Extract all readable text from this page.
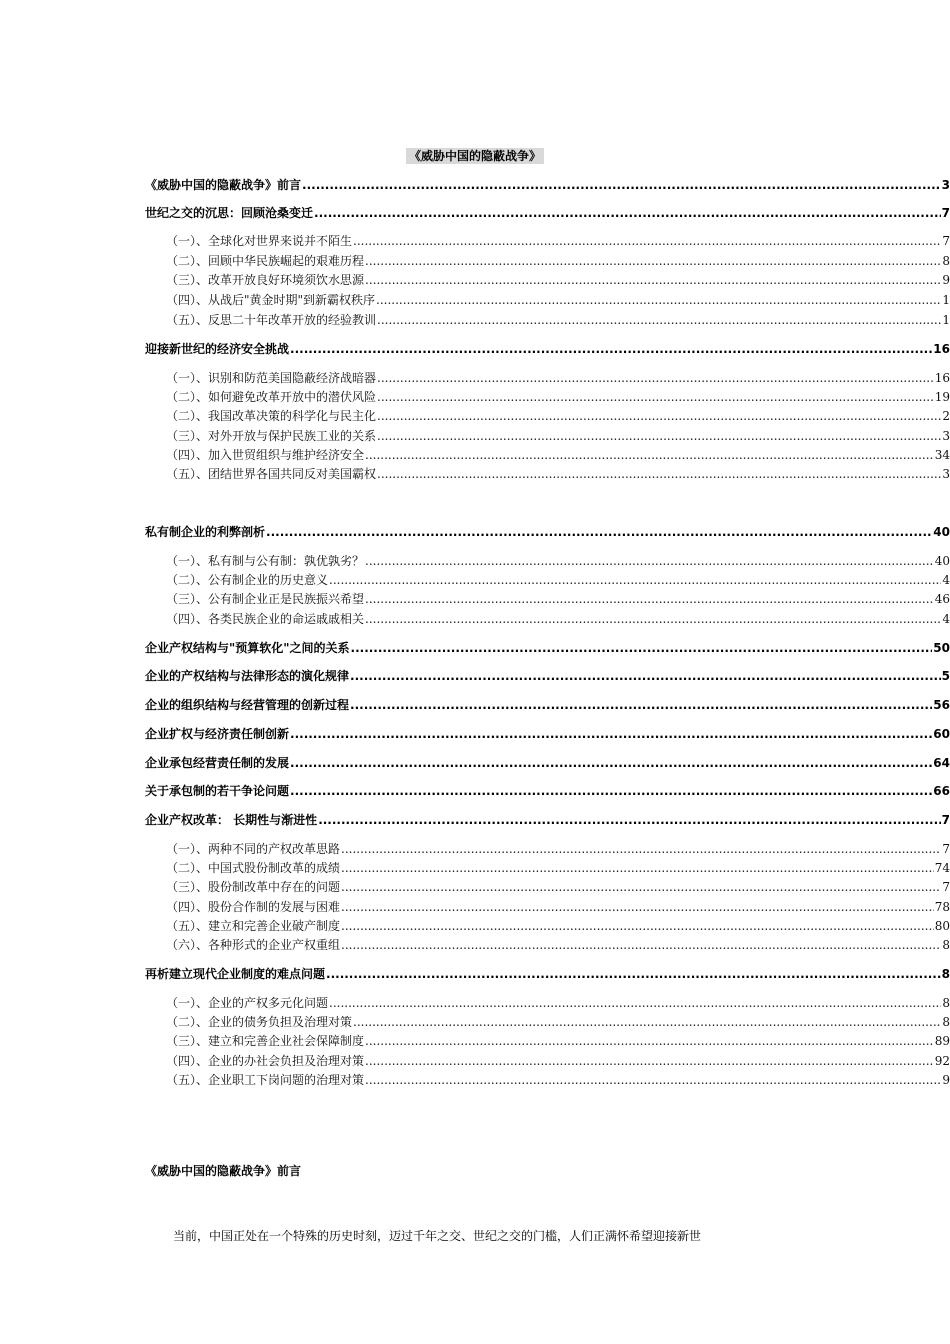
《威胁中国的隐蔽战争》
《威胁中国的隐蔽战争》前言 .....	3
世纪之交的沉思：回顾沧桑变迁 .....	7
（一）、全球化对世界来说并不陌生 .....	7
（二）、回顾中华民族崛起的艰难历程 .....	8
（三）、改革开放良好环境须饮水思源 .....	9
（四）、从战后"黄金时期"到新霸权秩序 .....	1
（五）、反思二十年改革开放的经验教训 .....	1
迎接新世纪的经济安全挑战 .....	16
（一）、识别和防范美国隐蔽经济战暗器 .....	16
（二）、如何避免改革开放中的潜伏风险 .....	19
（二）、我国改革决策的科学化与民主化 .....	2
（三）、对外开放与保护民族工业的关系 .....	3
（四）、加入世贸组织与维护经济安全 .....	34
（五）、团结世界各国共同反对美国霸权 .....	3
私有制企业的利弊剖析 .....	40
（一）、私有制与公有制：孰优孰劣？ .....	40
（二）、公有制企业的历史意义 .....	4
（三）、公有制企业正是民族振兴希望 .....	46
（四）、各类民族企业的命运戚戚相关 .....	4
企业产权结构与"预算软化"之间的关系 .....	50
企业的产权结构与法律形态的演化规律 .....	5
企业的组织结构与经营管理的创新过程 .....	56
企业扩权与经济责任制创新 .....	60
企业承包经营责任制的发展 .....	64
关于承包制的若干争论问题 .....	66
企业产权改革： 长期性与渐进性 .....	7
（一）、两种不同的产权改革思路 .....	7
（二）、中国式股份制改革的成绩 .....	74
（三）、股份制改革中存在的问题 .....	7
（四）、股份合作制的发展与困难 .....	78
（五）、建立和完善企业破产制度 .....	80
（六）、各种形式的企业产权重组 .....	8
再析建立现代企业制度的难点问题 .....	8
（一）、企业的产权多元化问题 .....	8
（二）、企业的债务负担及治理对策 .....	8
（三）、建立和完善企业社会保障制度 .....	89
（四）、企业的办社会负担及治理对策 .....	92
（五）、企业职工下岗问题的治理对策 .....	9
《威胁中国的隐蔽战争》前言
当前，中国正处在一个特殊的历史时刻，迈过千年之交、世纪之交的门槛，人们正满怀希望迎接新世
